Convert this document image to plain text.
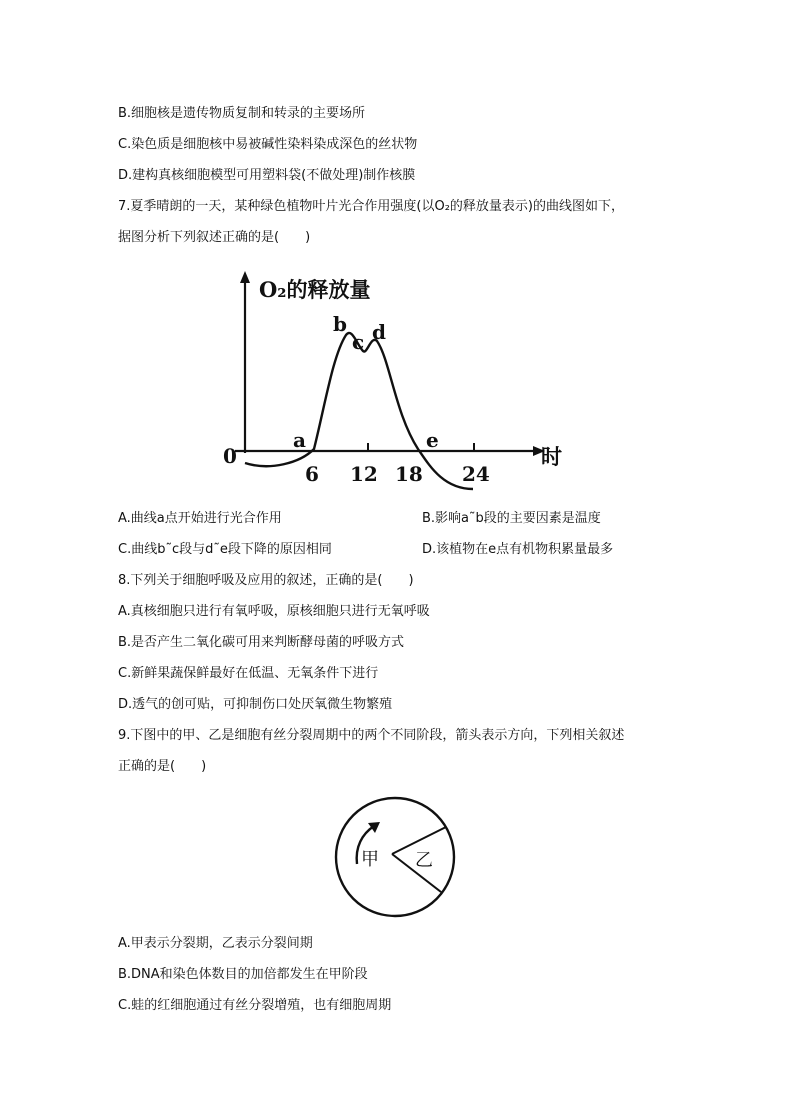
B.细胞核是遗传物质复制和转录的主要场所
C.染色质是细胞核中易被碱性染料染成深色的丝状物
D.建构真核细胞模型可用塑料袋(不做处理)制作核膜
7.夏季晴朗的一天，某种绿色植物叶片光合作用强度(以O₂的释放量表示)的曲线图如下，
据图分析下列叙述正确的是(　　)
O₂的释放量
时
0
6 12 18 24
a
b
c d
e
A.曲线a点开始进行光合作用	B.影响a˜b段的主要因素是温度
C.曲线b˜c段与d˜e段下降的原因相同	D.该植物在e点有机物积累量最多
8.下列关于细胞呼吸及应用的叙述，正确的是(　　)
A.真核细胞只进行有氧呼吸，原核细胞只进行无氧呼吸
B.是否产生二氧化碳可用来判断酵母菌的呼吸方式
C.新鲜果蔬保鲜最好在低温、无氧条件下进行
D.透气的创可贴，可抑制伤口处厌氧微生物繁殖
9.下图中的甲、乙是细胞有丝分裂周期中的两个不同阶段，箭头表示方向，下列相关叙述
正确的是(　　)
甲 乙
A.甲表示分裂期，乙表示分裂间期
B.DNA和染色体数目的加倍都发生在甲阶段
C.蛙的红细胞通过有丝分裂增殖，也有细胞周期
